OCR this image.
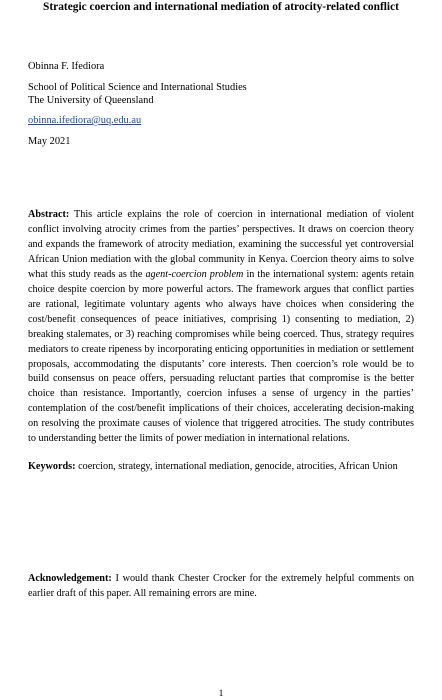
Strategic coercion and international mediation of atrocity-related conflict
Obinna F. Ifediora
School of Political Science and International Studies
The University of Queensland
obinna.ifediora@uq.edu.au
May 2021
Abstract: This article explains the role of coercion in international mediation of violent conflict involving atrocity crimes from the parties’ perspectives. It draws on coercion theory and expands the framework of atrocity mediation, examining the successful yet controversial African Union mediation with the global community in Kenya. Coercion theory aims to solve what this study reads as the agent-coercion problem in the international system: agents retain choice despite coercion by more powerful actors. The framework argues that conflict parties are rational, legitimate voluntary agents who always have choices when considering the cost/benefit consequences of peace initiatives, comprising 1) consenting to mediation, 2) breaking stalemates, or 3) reaching compromises while being coerced. Thus, strategy requires mediators to create ripeness by incorporating enticing opportunities in mediation or settlement proposals, accommodating the disputants’ core interests. Then coercion’s role would be to build consensus on peace offers, persuading reluctant parties that compromise is the better choice than resistance. Importantly, coercion infuses a sense of urgency in the parties’ contemplation of the cost/benefit implications of their choices, accelerating decision-making on resolving the proximate causes of violence that triggered atrocities. The study contributes to understanding better the limits of power mediation in international relations.
Keywords: coercion, strategy, international mediation, genocide, atrocities, African Union
Acknowledgement: I would thank Chester Crocker for the extremely helpful comments on earlier draft of this paper. All remaining errors are mine.
1
